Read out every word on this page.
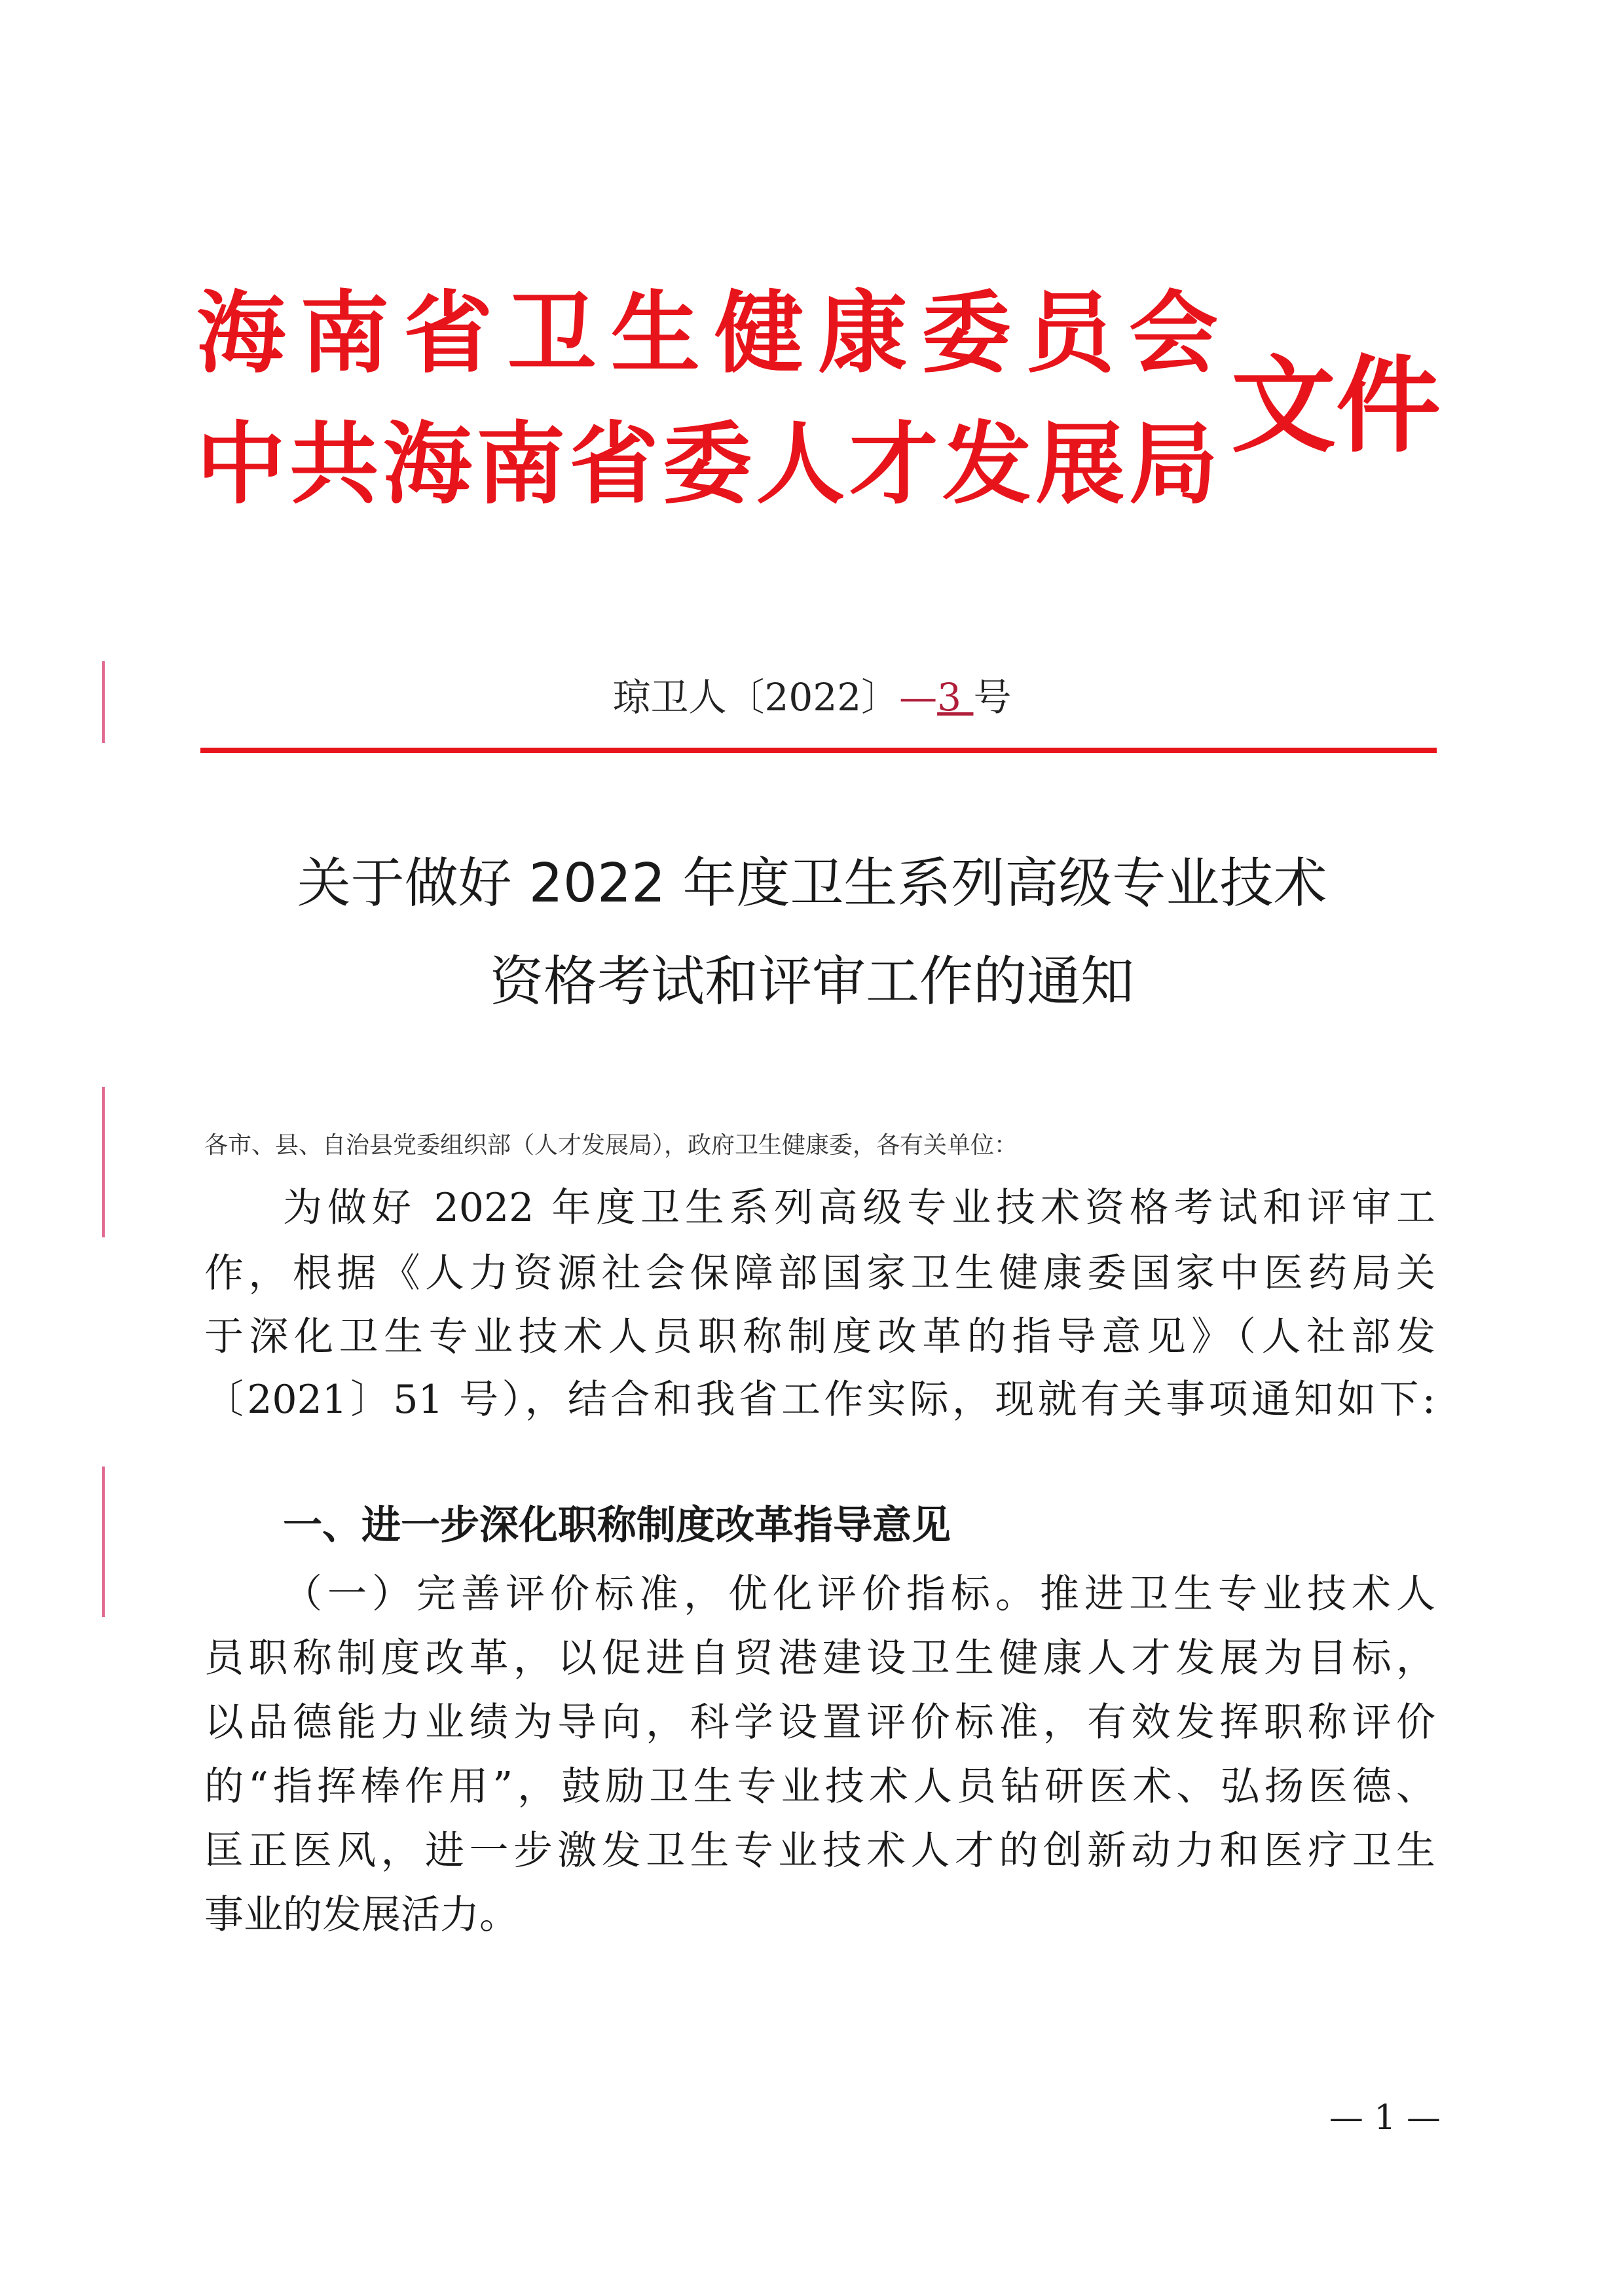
海 南 省 卫 生 健 康 委 员 会
中 共 海 南 省 委 人 才 发 展 局 文件
琼卫人〔2022〕—3 号
关于做好 2022 年度卫生系列高级专业技术
资格考试和评审工作的通知
各市、县、自治县党委组织部（人才发展局），政府卫生健康委，各有关单位：
为做好 2022 年度卫生系列高级专业技术资格考试和评审工
作，根据《人力资源社会保障部国家卫生健康委国家中医药局关
于深化卫生专业技术人员职称制度改革的指导意见》（人社部发
〔2021〕51 号），结合和我省工作实际，现就有关事项通知如下:
一、进一步深化职称制度改革指导意见
（一）完善评价标准，优化评价指标。推进卫生专业技术人
员职称制度改革，以促进自贸港建设卫生健康人才发展为目标，
以品德能力业绩为导向，科学设置评价标准，有效发挥职称评价
的“指挥棒作用”，鼓励卫生专业技术人员钻研医术、弘扬医德、
匡正医风，进一步激发卫生专业技术人才的创新动力和医疗卫生
事业的发展活力。
— 1 —
